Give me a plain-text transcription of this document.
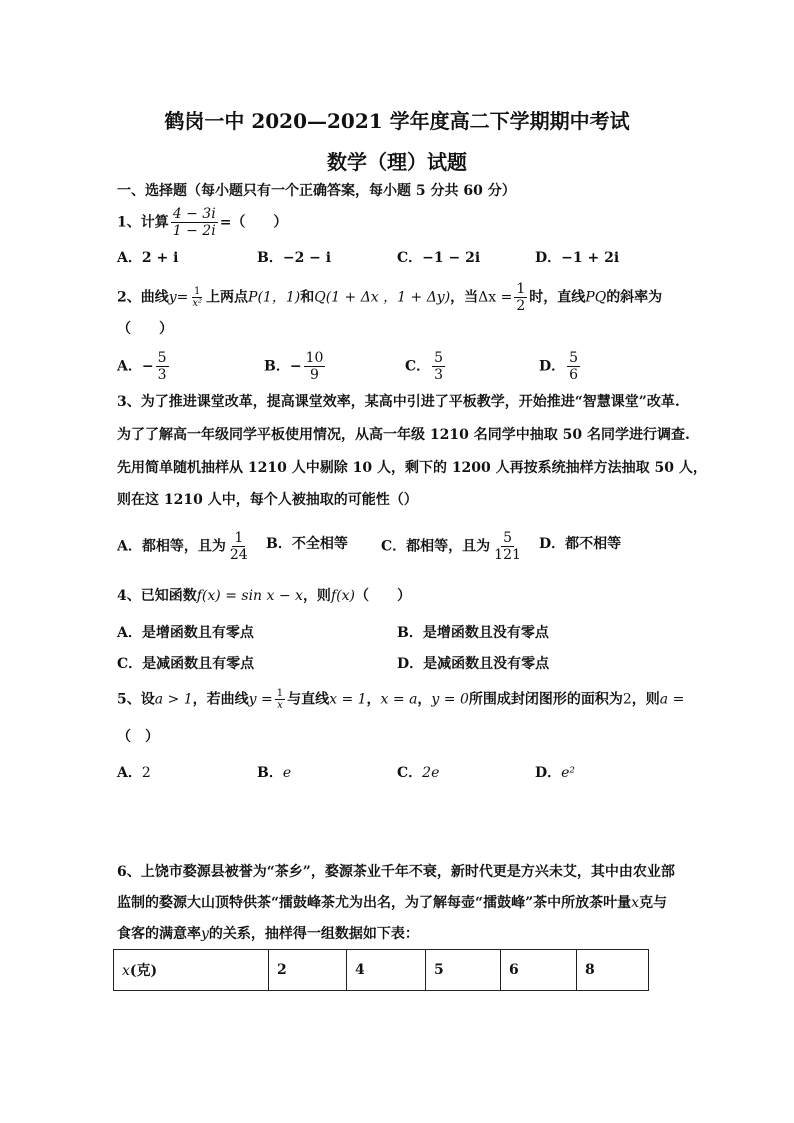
鹤岗一中 2020—2021 学年度高二下学期期中考试
数学（理）试题
一、选择题（每小题只有一个正确答案，每小题 5 分共 60 分）
1、计算 $\frac{4 - 3i}{1 - 2i}$ =（　　）
A．2 + i	B．−2 − i	C．−1 − 2i	D．−1 + 2i
2、曲线$y= \frac{1}{\text{x²}}$ 上两点P(1，1)和Q(1 + Δx ，1 + Δy)，当$\Delta x = \frac{1}{2}$ 时，直线PQ的斜率为
（　　）
A．− $\frac{5}{3}$	B．− $\frac{10}{9}$	C． $\frac{5}{3}$	D． $\frac{5}{6}$
3、为了推进课堂改革，提高课堂效率，某高中引进了平板教学，开始推进“智慧课堂”改革.
为了了解高一年级同学平板使用情况，从高一年级 1210 名同学中抽取 50 名同学进行调查.
先用简单随机抽样从 1210 人中剔除 10 人，剩下的 1200 人再按系统抽样方法抽取 50 人，
则在这 1210 人中，每个人被抽取的可能性（）
A．都相等，且为 $\frac{1}{24}$ B．不全相等 C．都相等，且为 $\frac{5}{121}$ D．都不相等
4、已知函数f(x) = sin x − x，则f(x)（　　）
A．是增函数且有零点	B．是增函数且没有零点
C．是减函数且有零点	D．是减函数且没有零点
5、设a > 1，若曲线$y = \frac{1}{x}$ 与直线x = 1，x = a，y = 0所围成封闭图形的面积为2，则a =
（　）
A．2	B．e	C．2e	D．e²
6、上饶市婺源县被誉为“茶乡”，婺源茶业千年不衰，新时代更是方兴未艾，其中由农业部
监制的婺源大山顶特供茶“擂鼓峰茶尤为出名，为了解每壶“擂鼓峰”茶中所放茶叶量x克与
食客的满意率y的关系，抽样得一组数据如下表：
x(克)	2	4	5	6	8
